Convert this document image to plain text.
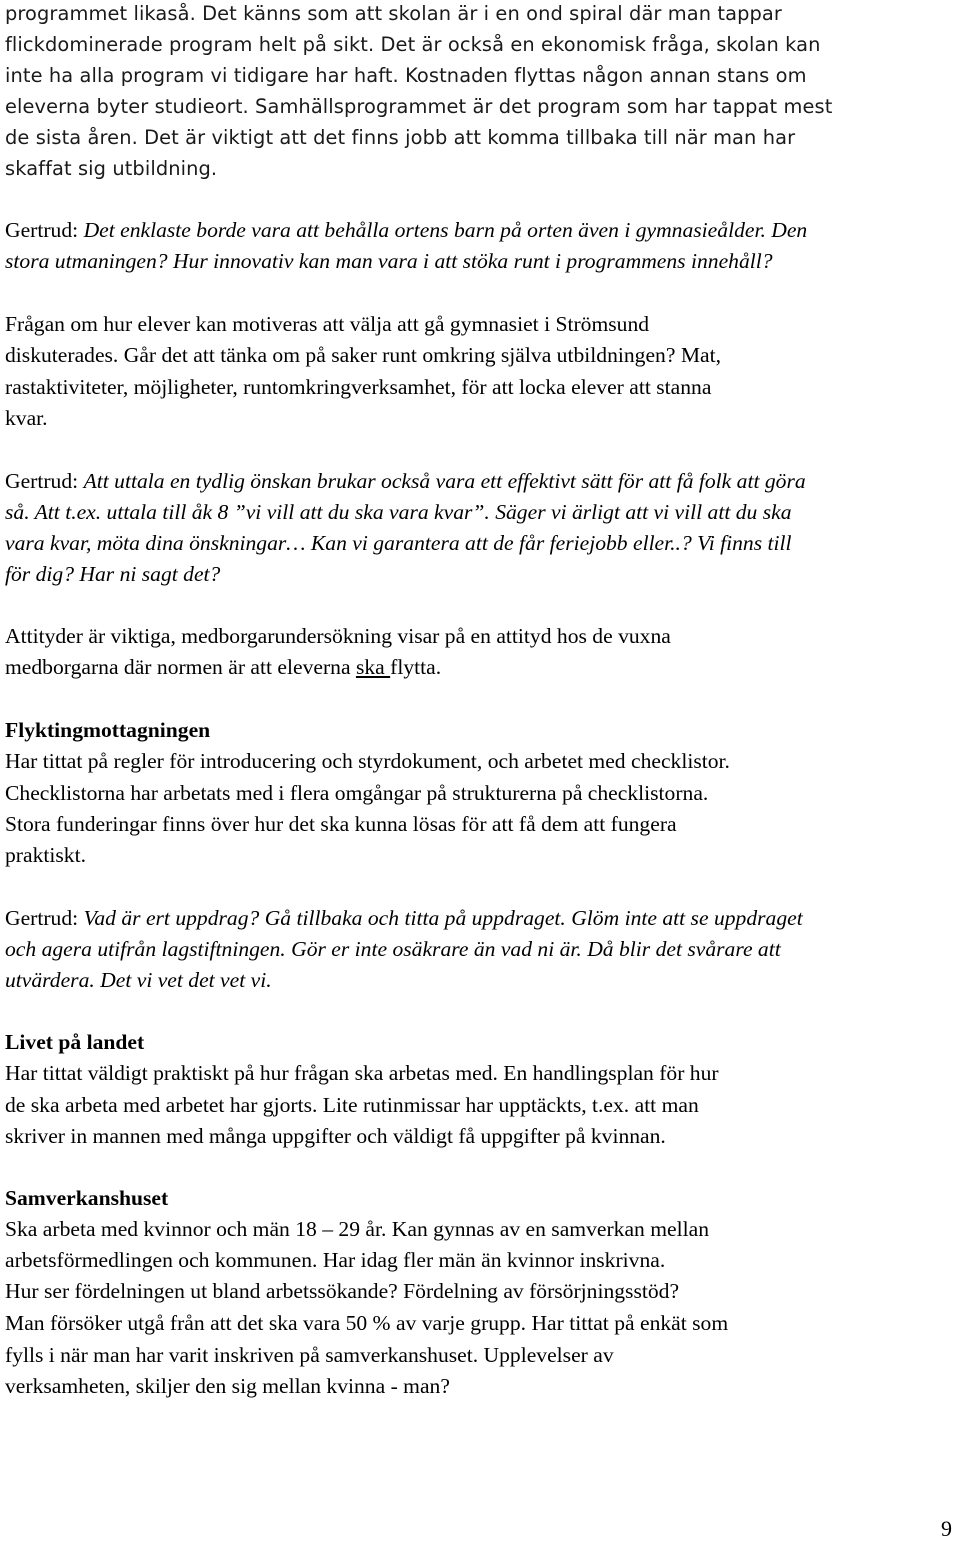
programmet likaså. Det känns som att skolan är i en ond spiral där man tappar
flickdominerade program helt på sikt. Det är också en ekonomisk fråga, skolan kan
inte ha alla program vi tidigare har haft. Kostnaden flyttas någon annan stans om
eleverna byter studieort. Samhällsprogrammet är det program som har tappat mest
de sista åren. Det är viktigt att det finns jobb att komma tillbaka till när man har
skaffat sig utbildning.
Gertrud: Det enklaste borde vara att behålla ortens barn på orten även i gymnasieålder. Den
stora utmaningen? Hur innovativ kan man vara i att stöka runt i programmens innehåll?
Frågan om hur elever kan motiveras att välja att gå gymnasiet i Strömsund
diskuterades. Går det att tänka om på saker runt omkring själva utbildningen? Mat,
rastaktiviteter, möjligheter, runtomkringverksamhet, för att locka elever att stanna
kvar.
Gertrud: Att uttala en tydlig önskan brukar också vara ett effektivt sätt för att få folk att göra
så. Att t.ex. uttala till åk 8 ”vi vill att du ska vara kvar”. Säger vi ärligt att vi vill att du ska
vara kvar, möta dina önskningar… Kan vi garantera att de får feriejobb eller..? Vi finns till
för dig? Har ni sagt det?
Attityder är viktiga, medborgarundersökning visar på en attityd hos de vuxna
medborgarna där normen är att eleverna ska flytta.
Flyktingmottagningen
Har tittat på regler för introducering och styrdokument, och arbetet med checklistor.
Checklistorna har arbetats med i flera omgångar på strukturerna på checklistorna.
Stora funderingar finns över hur det ska kunna lösas för att få dem att fungera
praktiskt.
Gertrud: Vad är ert uppdrag? Gå tillbaka och titta på uppdraget. Glöm inte att se uppdraget
och agera utifrån lagstiftningen. Gör er inte osäkrare än vad ni är. Då blir det svårare att
utvärdera. Det vi vet det vet vi.
Livet på landet
Har tittat väldigt praktiskt på hur frågan ska arbetas med. En handlingsplan för hur
de ska arbeta med arbetet har gjorts. Lite rutinmissar har upptäckts, t.ex. att man
skriver in mannen med många uppgifter och väldigt få uppgifter på kvinnan.
Samverkanshuset
Ska arbeta med kvinnor och män 18 – 29 år. Kan gynnas av en samverkan mellan
arbetsförmedlingen och kommunen. Har idag fler män än kvinnor inskrivna.
Hur ser fördelningen ut bland arbetssökande? Fördelning av försörjningsstöd?
Man försöker utgå från att det ska vara 50 % av varje grupp. Har tittat på enkät som
fylls i när man har varit inskriven på samverkanshuset. Upplevelser av
verksamheten, skiljer den sig mellan kvinna - man?
9
